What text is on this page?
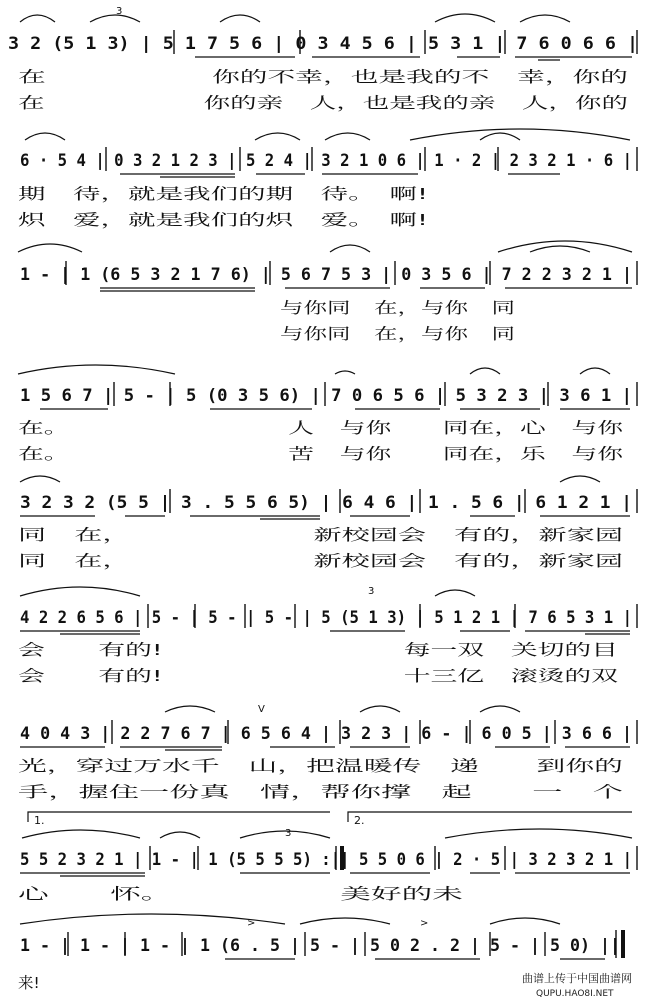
3 2 (5 1 3) | 5 1 7 5 6 | 0 3 4 5 6 | 5 3 1 | 7 6 0 6 6 |
3
在　　　　　　你的不幸，也是我的不　幸，你的
在　　　　　　你的亲　人，也是我的亲　人，你的
6 · 5 4 | 0 3 2 1 2 3 | 5 2 4 | 3 2 1 0 6 | 1 · 2 | 2 3 2 1 · 6 |
期　待，就是我们的期　待。　啊!
炽　爱，就是我们的炽　爱。　啊!
1 - | 1 (6 5 3 2 1 7 6) | 5 6 7 5 3 | 0 3 5 6 | 7 2 2 3 2 1 |
与你同　在，与你　同
与你同　在，与你　同
1 5 6 7 | 5 - | 5 (0 3 5 6) | 7 0 6 5 6 | 5 3 2 3 | 3 6 1 |
在。　　　　　　　　　人　与你　　同在，心　与你
在。　　　　　　　　　苦　与你　　同在，乐　与你
3 2 3 2 (5 5 | 3 . 5 5 6 5) | 6 4 6 | 1 . 5 6 | 6 1 2 1 |
同　在，　　　　　　　新校园会　有的，新家园
同　在，　　　　　　　新校园会　有的，新家园
4 2 2 6 5 6 | 5 - | 5 - | 5 - | 5 (5 1 3) | 5 1 2 1 | 7 6 5 3 1 |
3
会　　有的!　　　　　　　　　每一双　关切的目
会　　有的!　　　　　　　　　十三亿　滚烫的双
4 0 4 3 | 2 2 7 6 7 | 6 5 6 4 | 3 2 3 | 6 - | 6 0 5 | 3 6 6 |
V
光，穿过万水千　山，把温暖传　递　　到你的
手，握住一份真　情，帮你撑　起　　一　个
1.	2.
5 5 2 3 2 1 | 1 - | 1 (5 5 5 5) :|| 5 5 0 6 | 2 · 5 | 3 2 3 2 1 |
3
心　　怀。　　　　　　美好的未
1 - | 1 - | 1 - | 1 (6 . 5 | 5 - | 5 0 2 . 2 | 5 - | 5 0) ||
>	>
来!	曲谱上传于中国曲谱网
QUPU.HAO8I.NET
